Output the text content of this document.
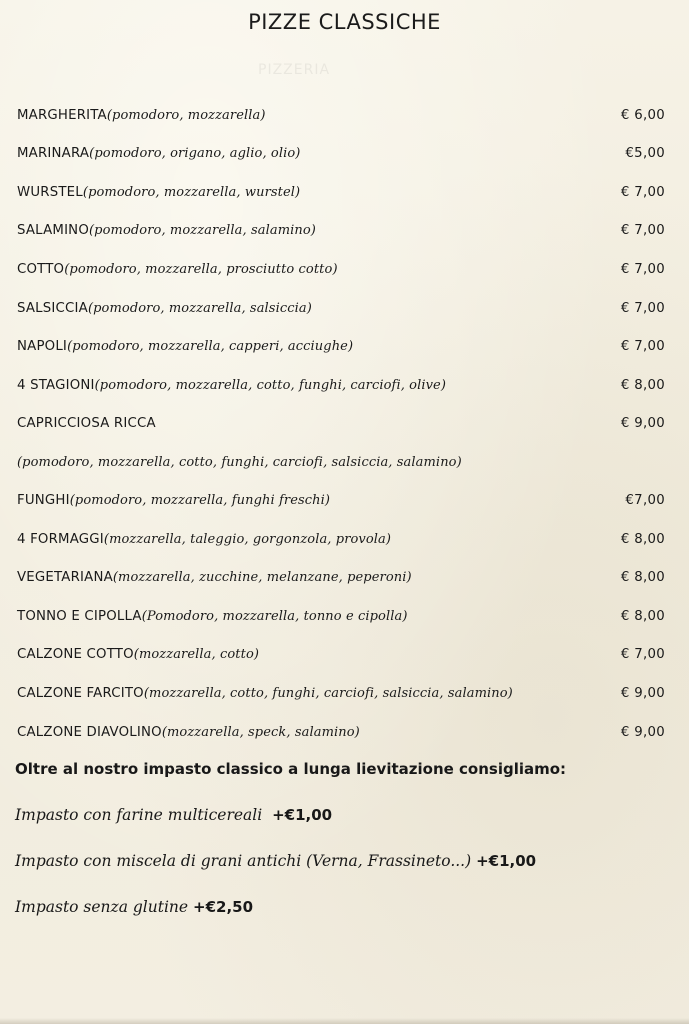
PIZZE CLASSICHE
PIZZERIA
MARGHERITA (pomodoro, mozzarella)	€ 6,00
MARINARA (pomodoro, origano, aglio, olio)	€5,00
WURSTEL (pomodoro, mozzarella, wurstel)	€ 7,00
SALAMINO (pomodoro, mozzarella, salamino)	€ 7,00
COTTO (pomodoro, mozzarella, prosciutto cotto)	€ 7,00
SALSICCIA (pomodoro, mozzarella, salsiccia)	€ 7,00
NAPOLI (pomodoro, mozzarella, capperi, acciughe)	€ 7,00
4 STAGIONI (pomodoro, mozzarella, cotto, funghi, carciofi, olive)	€ 8,00
CAPRICCIOSA RICCA	€ 9,00
(pomodoro, mozzarella, cotto, funghi, carciofi, salsiccia, salamino)
FUNGHI (pomodoro, mozzarella, funghi freschi)	€7,00
4 FORMAGGI (mozzarella, taleggio, gorgonzola, provola)	€ 8,00
VEGETARIANA (mozzarella, zucchine, melanzane, peperoni)	€ 8,00
TONNO E CIPOLLA (Pomodoro, mozzarella, tonno e cipolla)	€ 8,00
CALZONE COTTO (mozzarella, cotto)	€ 7,00
CALZONE FARCITO (mozzarella, cotto, funghi, carciofi, salsiccia, salamino)	€ 9,00
CALZONE DIAVOLINO (mozzarella, speck, salamino)	€ 9,00
Oltre al nostro impasto classico a lunga lievitazione consigliamo:
Impasto con farine multicereali +€1,00
Impasto con miscela di grani antichi (Verna, Frassineto...) +€1,00
Impasto senza glutine +€2,50
